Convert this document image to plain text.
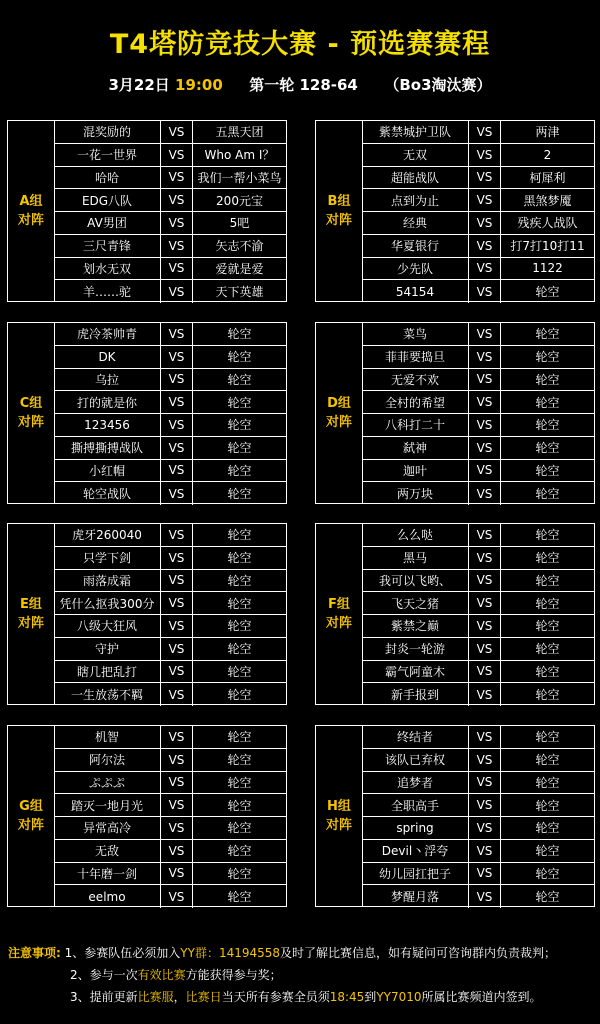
T4塔防竞技大赛 - 预选赛赛程
3月22日 19:00 第一轮 128-64 （Bo3淘汰赛）
A组
对阵
混奖励的	VS	五黑天团
一花一世界	VS	Who Am I？
哈哈	VS	我们一帮小菜鸟
EDG八队	VS	200元宝
AV男团	VS	5吧
三尺青锋	VS	矢志不渝
划水无双	VS	爱就是爱
羊……驼	VS	天下英雄
B组
对阵
紫禁城护卫队	VS	两津
无双	VS	2
超能战队	VS	柯犀利
点到为止	VS	黑煞梦魇
经典	VS	残疾人战队
华夏银行	VS	打7打10打11
少先队	VS	1122
54154	VS	轮空
C组
对阵
虎冷茶帅青	VS	轮空
DK	VS	轮空
乌拉	VS	轮空
打的就是你	VS	轮空
123456	VS	轮空
撕搏撕搏战队	VS	轮空
小红帽	VS	轮空
轮空战队	VS	轮空
D组
对阵
菜鸟	VS	轮空
菲菲要捣旦	VS	轮空
无爱不欢	VS	轮空
全村的希望	VS	轮空
八科打二十	VS	轮空
弑神	VS	轮空
迦叶	VS	轮空
两万块	VS	轮空
E组
对阵
虎牙260040	VS	轮空
只学下剑	VS	轮空
雨落成霜	VS	轮空
凭什么抠我300分	VS	轮空
八级大狂风	VS	轮空
守护	VS	轮空
瞎几把乱打	VS	轮空
一生放荡不羁	VS	轮空
F组
对阵
么么哒	VS	轮空
黑马	VS	轮空
我可以飞哟、	VS	轮空
飞天之猪	VS	轮空
紫禁之巅	VS	轮空
封炎一轮游	VS	轮空
霸气阿童木	VS	轮空
新手报到	VS	轮空
G组
对阵
机智	VS	轮空
阿尔法	VS	轮空
ぷぷぷ	VS	轮空
踏灭一地月光	VS	轮空
异常高冷	VS	轮空
无敌	VS	轮空
十年磨一剑	VS	轮空
eelmo	VS	轮空
H组
对阵
终结者	VS	轮空
该队已弃权	VS	轮空
追梦者	VS	轮空
全职高手	VS	轮空
spring	VS	轮空
Devil丶浮夸	VS	轮空
幼儿园扛把子	VS	轮空
梦醒月落	VS	轮空
注意事项: 1、参赛队伍必须加入YY群：14194558及时了解比赛信息，如有疑问可咨询群内负责裁判；
2、参与一次有效比赛方能获得参与奖；
3、提前更新比赛服，比赛日当天所有参赛全员须18:45到YY7010所属比赛频道内签到。
